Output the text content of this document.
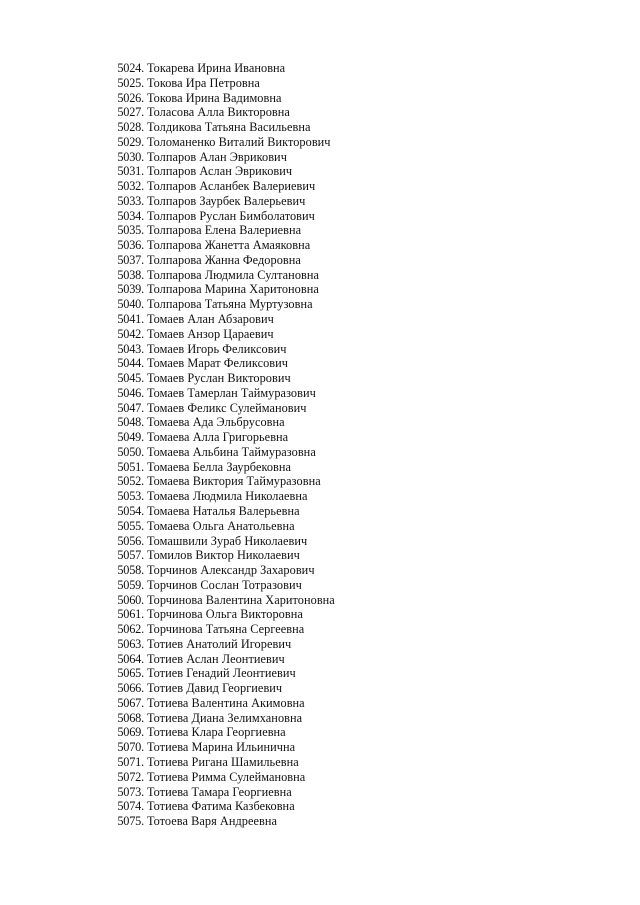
5024. Токарева Ирина Ивановна
5025. Токова Ира Петровна
5026. Токова Ирина Вадимовна
5027. Толасова Алла Викторовна
5028. Толдикова Татьяна Васильевна
5029. Толоманенко Виталий Викторович
5030. Толпаров Алан Эврикович
5031. Толпаров Аслан Эврикович
5032. Толпаров Асланбек Валериевич
5033. Толпаров Заурбек Валерьевич
5034. Толпаров Руслан Бимболатович
5035. Толпарова Елена Валериевна
5036. Толпарова Жанетта Амаяковна
5037. Толпарова Жанна Федоровна
5038. Толпарова Людмила Султановна
5039. Толпарова Марина Харитоновна
5040. Толпарова Татьяна Муртузовна
5041. Томаев Алан Абзарович
5042. Томаев Анзор Цараевич
5043. Томаев Игорь Феликсович
5044. Томаев Марат Феликсович
5045. Томаев Руслан Викторович
5046. Томаев Тамерлан Таймуразович
5047. Томаев Феликс Сулейманович
5048. Томаева Ада Эльбрусовна
5049. Томаева Алла Григорьевна
5050. Томаева Альбина Таймуразовна
5051. Томаева Белла Заурбековна
5052. Томаева Виктория Таймуразовна
5053. Томаева Людмила Николаевна
5054. Томаева Наталья Валерьевна
5055. Томаева Ольга Анатольевна
5056. Томашвили Зураб Николаевич
5057. Томилов Виктор Николаевич
5058. Торчинов Александр Захарович
5059. Торчинов Сослан Тотразович
5060. Торчинова Валентина Харитоновна
5061. Торчинова Ольга Викторовна
5062. Торчинова Татьяна Сергеевна
5063. Тотиев Анатолий Игоревич
5064. Тотиев Аслан Леонтиевич
5065. Тотиев Генадий Леонтиевич
5066. Тотиев Давид Георгиевич
5067. Тотиева Валентина Акимовна
5068. Тотиева Диана Зелимхановна
5069. Тотиева Клара Георгиевна
5070. Тотиева Марина Ильинична
5071. Тотиева Ригана Шамильевна
5072. Тотиева Римма Сулеймановна
5073. Тотиева Тамара Георгиевна
5074. Тотиева Фатима Казбековна
5075. Тотоева Варя Андреевна
